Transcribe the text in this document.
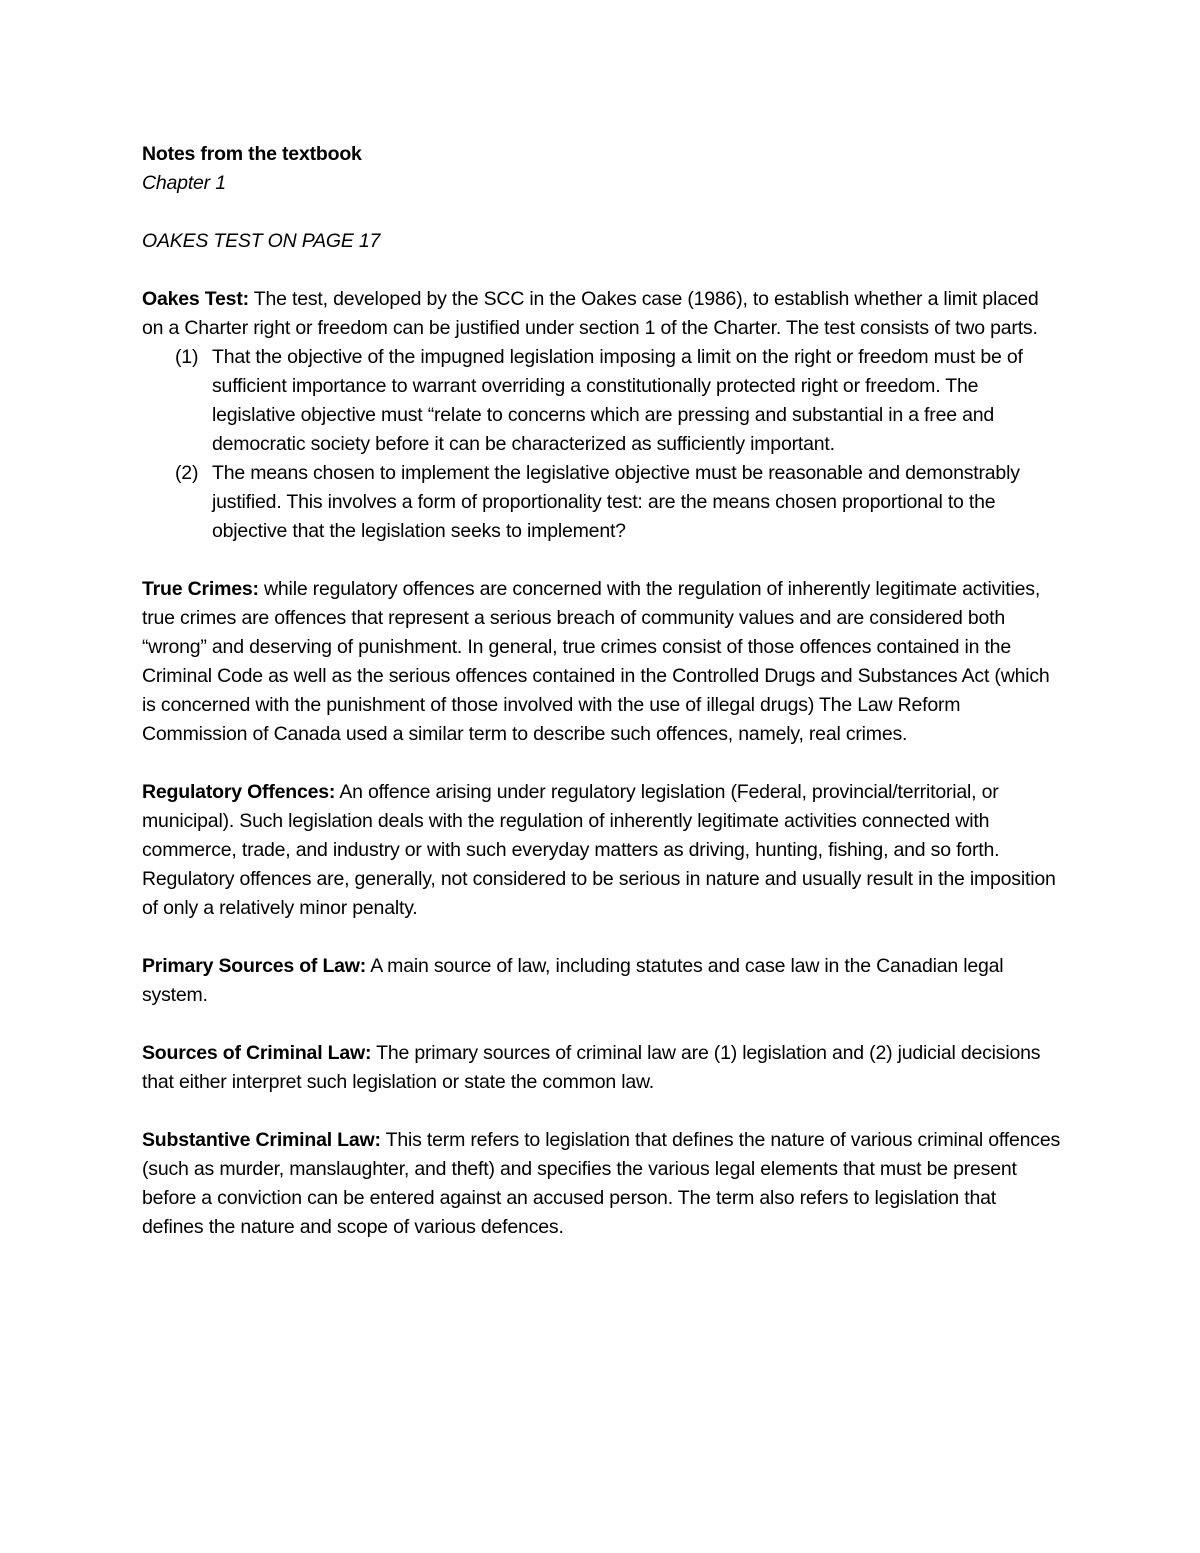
Notes from the textbook

Chapter 1

OAKES TEST ON PAGE 17

Oakes Test: The test, developed by the SCC in the Oakes case (1986), to establish whether a limit placed on a Charter right or freedom can be justified under section 1 of the Charter. The test consists of two parts.

(1) That the objective of the impugned legislation imposing a limit on the right or freedom must be of sufficient importance to warrant overriding a constitutionally protected right or freedom. The legislative objective must “relate to concerns which are pressing and substantial in a free and democratic society before it can be characterized as sufficiently important.
(2) The means chosen to implement the legislative objective must be reasonable and demonstrably justified. This involves a form of proportionality test: are the means chosen proportional to the objective that the legislation seeks to implement?

True Crimes: while regulatory offences are concerned with the regulation of inherently legitimate activities, true crimes are offences that represent a serious breach of community values and are considered both “wrong” and deserving of punishment. In general, true crimes consist of those offences contained in the Criminal Code as well as the serious offences contained in the Controlled Drugs and Substances Act (which is concerned with the punishment of those involved with the use of illegal drugs) The Law Reform Commission of Canada used a similar term to describe such offences, namely, real crimes.

Regulatory Offences: An offence arising under regulatory legislation (Federal, provincial/territorial, or municipal). Such legislation deals with the regulation of inherently legitimate activities connected with commerce, trade, and industry or with such everyday matters as driving, hunting, fishing, and so forth. Regulatory offences are, generally, not considered to be serious in nature and usually result in the imposition of only a relatively minor penalty.

Primary Sources of Law: A main source of law, including statutes and case law in the Canadian legal system.

Sources of Criminal Law: The primary sources of criminal law are (1) legislation and (2) judicial decisions that either interpret such legislation or state the common law.

Substantive Criminal Law: This term refers to legislation that defines the nature of various criminal offences (such as murder, manslaughter, and theft) and specifies the various legal elements that must be present before a conviction can be entered against an accused person. The term also refers to legislation that defines the nature and scope of various defences.
